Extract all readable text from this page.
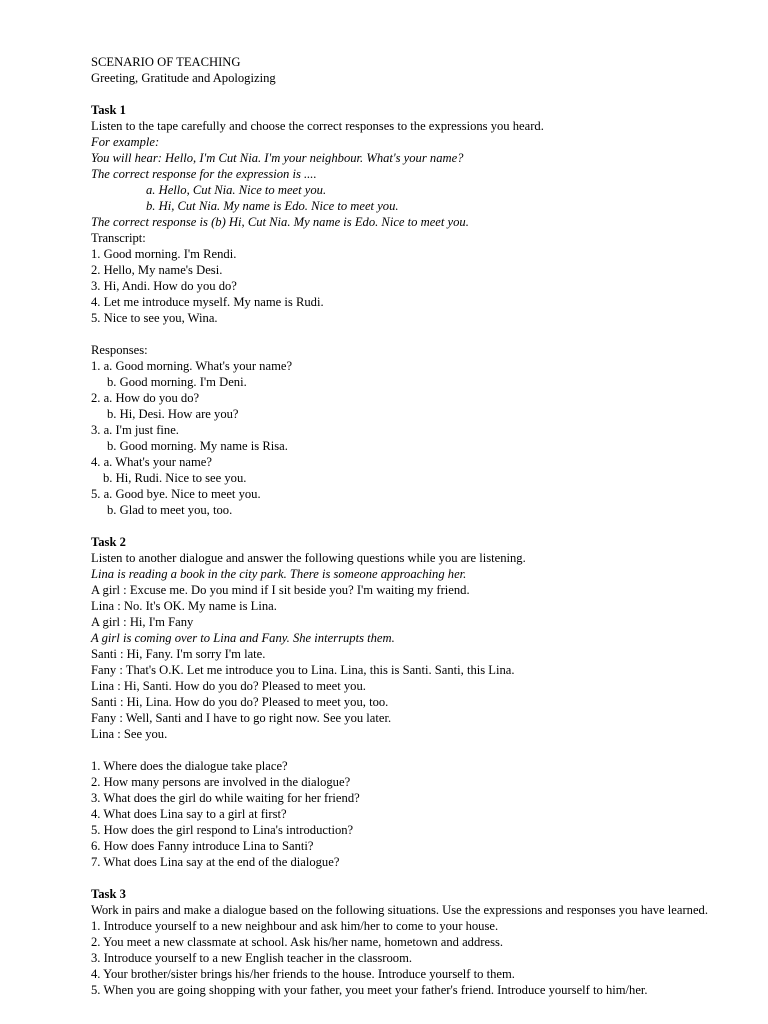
SCENARIO OF TEACHING
Greeting, Gratitude and Apologizing
Task 1
Listen to the tape carefully and choose the correct responses to the expressions you heard.
For example:
You will hear: Hello, I'm Cut Nia. I'm your neighbour. What's your name?
The correct response for the expression is ....
a. Hello, Cut Nia. Nice to meet you.
b. Hi, Cut Nia. My name is Edo. Nice to meet you.
The correct response is (b) Hi, Cut Nia. My name is Edo. Nice to meet you.
Transcript:
1. Good morning. I'm Rendi.
2. Hello, My name's Desi.
3. Hi, Andi. How do you do?
4. Let me introduce myself. My name is Rudi.
5. Nice to see you, Wina.
Responses:
1. a. Good morning. What's your name?
b. Good morning. I'm Deni.
2. a. How do you do?
b. Hi, Desi. How are you?
3. a. I'm just fine.
b. Good morning. My name is Risa.
4. a. What's your name?
b. Hi, Rudi. Nice to see you.
5. a. Good bye. Nice to meet you.
b. Glad to meet you, too.
Task 2
Listen to another dialogue and answer the following questions while you are listening.
Lina is reading a book in the city park. There is someone approaching her.
A girl : Excuse me. Do you mind if I sit beside you? I'm waiting my friend.
Lina : No. It's OK. My name is Lina.
A girl : Hi, I'm Fany
A girl is coming over to Lina and Fany. She interrupts them.
Santi : Hi, Fany. I'm sorry I'm late.
Fany : That's O.K. Let me introduce you to Lina. Lina, this is Santi. Santi, this Lina.
Lina : Hi, Santi. How do you do? Pleased to meet you.
Santi : Hi, Lina. How do you do? Pleased to meet you, too.
Fany : Well, Santi and I have to go right now. See you later.
Lina : See you.
1. Where does the dialogue take place?
2. How many persons are involved in the dialogue?
3. What does the girl do while waiting for her friend?
4. What does Lina say to a girl at first?
5. How does the girl respond to Lina's introduction?
6. How does Fanny introduce Lina to Santi?
7. What does Lina say at the end of the dialogue?
Task 3
Work in pairs and make a dialogue based on the following situations. Use the expressions and responses you have learned.
1. Introduce yourself to a new neighbour and ask him/her to come to your house.
2. You meet a new classmate at school. Ask his/her name, hometown and address.
3. Introduce yourself to a new English teacher in the classroom.
4. Your brother/sister brings his/her friends to the house. Introduce yourself to them.
5. When you are going shopping with your father, you meet your father's friend. Introduce yourself to him/her.
